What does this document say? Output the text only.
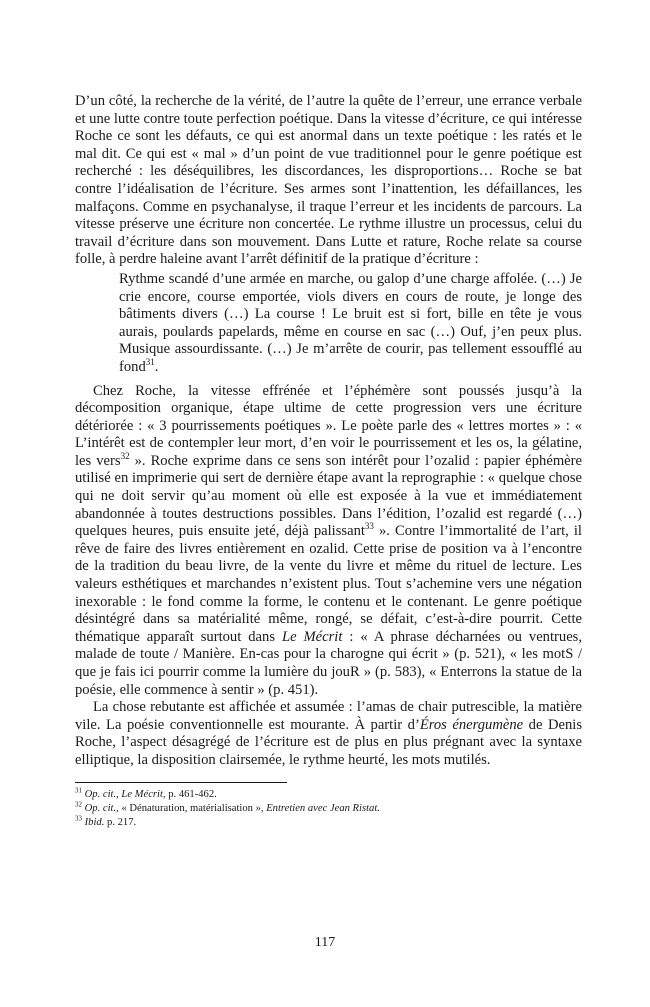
D’un côté, la recherche de la vérité, de l’autre la quête de l’erreur, une errance verbale et une lutte contre toute perfection poétique. Dans la vitesse d’écriture, ce qui intéresse Roche ce sont les défauts, ce qui est anormal dans un texte poétique : les ratés et le mal dit. Ce qui est « mal » d’un point de vue traditionnel pour le genre poétique est recherché : les déséquilibres, les discordances, les disproportions… Roche se bat contre l’idéalisation de l’écriture. Ses armes sont l’inattention, les défaillances, les malfaçons. Comme en psychanalyse, il traque l’erreur et les incidents de parcours. La vitesse préserve une écriture non concertée. Le rythme illustre un processus, celui du travail d’écriture dans son mouvement. Dans Lutte et rature, Roche relate sa course folle, à perdre haleine avant l’arrêt définitif de la pratique d’écriture :

Rythme scandé d’une armée en marche, ou galop d’une charge affolée. (…) Je crie encore, course emportée, viols divers en cours de route, je longe des bâtiments divers (…) La course ! Le bruit est si fort, bille en tête je vous aurais, poulards papelards, même en course en sac (…) Ouf, j’en peux plus. Musique assourdissante. (…) Je m’arrête de courir, pas tellement essoufflé au fond$^{31}$.

Chez Roche, la vitesse effrénée et l’éphémère sont poussés jusqu’à la décomposition organique, étape ultime de cette progression vers une écriture détériorée : « 3 pourrissements poétiques ». Le poète parle des « lettres mortes » : « L’intérêt est de contempler leur mort, d’en voir le pourrissement et les os, la gélatine, les vers$^{32}$ ». Roche exprime dans ce sens son intérêt pour l’ozalid : papier éphémère utilisé en imprimerie qui sert de dernière étape avant la reprographie : « quelque chose qui ne doit servir qu’au moment où elle est exposée à la vue et immédiatement abandonnée à toutes destructions possibles. Dans l’édition, l’ozalid est regardé (…) quelques heures, puis ensuite jeté, déjà palissant$^{33}$ ». Contre l’immortalité de l’art, il rêve de faire des livres entièrement en ozalid. Cette prise de position va à l’encontre de la tradition du beau livre, de la vente du livre et même du rituel de lecture. Les valeurs esthétiques et marchandes n’existent plus. Tout s’achemine vers une négation inexorable : le fond comme la forme, le contenu et le contenant. Le genre poétique désintégré dans sa matérialité même, rongé, se défait, c’est-à-dire pourrit. Cette thématique apparaît surtout dans Le Mécrit : « A phrase décharnées ou ventrues, malade de toute / Manière. En-cas pour la charogne qui écrit » (p. 521), « les motS / que je fais ici pourrir comme la lumière du jouR » (p. 583), « Enterrons la statue de la poésie, elle commence à sentir » (p. 451).

La chose rebutante est affichée et assumée : l’amas de chair putrescible, la matière vile. La poésie conventionnelle est mourante. À partir d’Éros énergumène de Denis Roche, l’aspect désagrégé de l’écriture est de plus en plus prégnant avec la syntaxe elliptique, la disposition clairsemée, le rythme heurté, les mots mutilés.

$^{31}$ Op. cit., Le Mécrit, p. 461-462.
$^{32}$ Op. cit., « Dénaturation, matérialisation », Entretien avec Jean Ristat.
$^{33}$ Ibid. p. 217.
117
